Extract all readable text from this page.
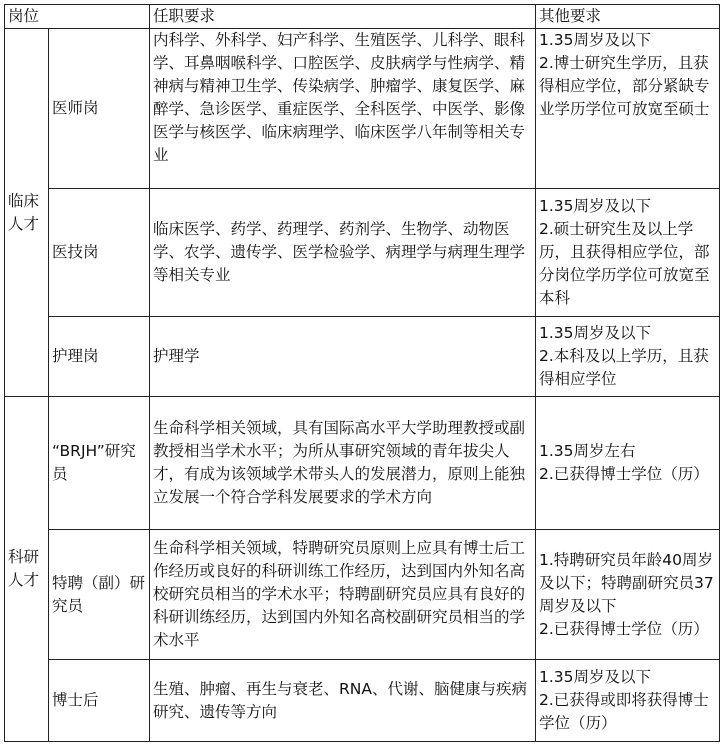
岗位		任职要求	其他要求
临床人才	医师岗	内科学、外科学、妇产科学、生殖医学、儿科学、眼科学、耳鼻咽喉科学、口腔医学、皮肤病学与性病学、精神病与精神卫生学、传染病学、肿瘤学、康复医学、麻醉学、急诊医学、重症医学、全科医学、中医学、影像医学与核医学、临床病理学、临床医学八年制等相关专业	1.35周岁及以下
2.博士研究生学历，且获得相应学位，部分紧缺专业学历学位可放宽至硕士

	医技岗	临床医学、药学、药理学、药剂学、生物学、动物医学、农学、遗传学、医学检验学、病理学与病理生理学等相关专业	1.35周岁及以下
2.硕士研究生及以上学历，且获得相应学位，部分岗位学历学位可放宽至本科

	护理岗	护理学	1.35周岁及以下
2.本科及以上学历，且获得相应学位

科研人才	“BRJH”研究员	生命科学相关领域，具有国际高水平大学助理教授或副教授相当学术水平；为所从事研究领域的青年拔尖人才，有成为该领域学术带头人的发展潜力，原则上能独立发展一个符合学科发展要求的学术方向	1.35周岁左右
2.已获得博士学位（历）

	特聘（副）研究员	生命科学相关领域，特聘研究员原则上应具有博士后工作经历或良好的科研训练工作经历，达到国内外知名高校研究员相当的学术水平；特聘副研究员应具有良好的科研训练经历，达到国内外知名高校副研究员相当的学术水平	1.特聘研究员年龄40周岁及以下；特聘副研究员37周岁及以下
2.已获得博士学位（历）

	博士后	生殖、肿瘤、再生与衰老、RNA、代谢、脑健康与疾病研究、遗传等方向	1.35周岁及以下
2.已获得或即将获得博士学位（历）
